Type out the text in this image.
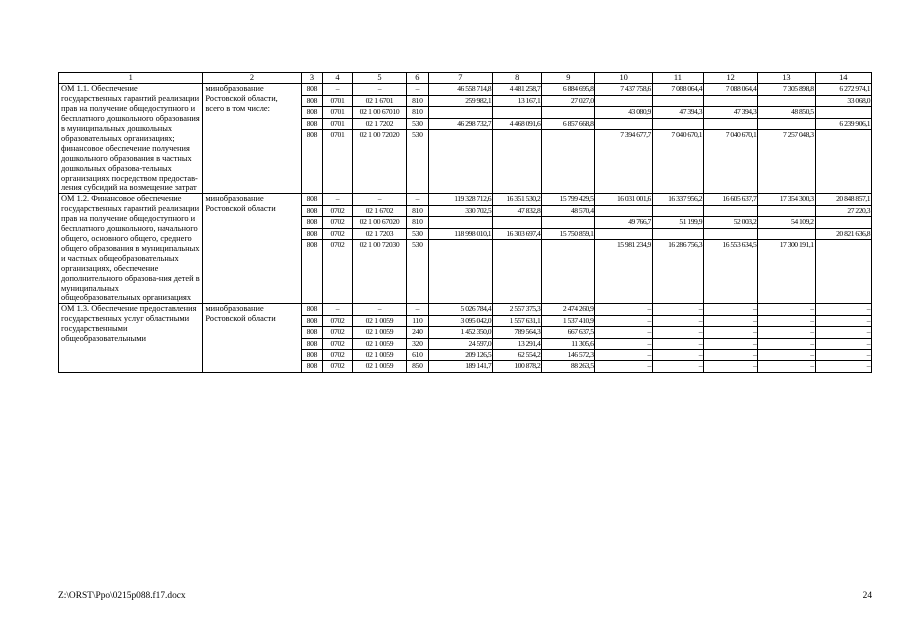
1	2	3	4	5	6	7	8	9	10	11	12	13	14
ОМ 1.1. Обеспечение государственных гарантий реализации прав на получение общедоступного и бесплатного дошкольного образования в муниципальных дошкольных образовательных организациях; финансовое обеспечение получения дошкольного образования в частных дошкольных образова-тельных организациях посредством предостав-ления субсидий на возмещение затрат	минобразование Ростовской области, всего в том числе:	808	–	–	–	46 558 714,8	4 481 258,7	6 884 695,8	7 437 758,6	7 088 064,4	7 088 064,4	7 305 898,8	6 272 974,1
		808	0701	02 1 6701	810	259 982,1	13 167,1	27 027,0					33 068,0
		808	0701	02 1 00 67010	810				43 080,9	47 394,3	47 394,3	48 850,5	
		808	0701	02 1 7202	530	46 298 732,7	4 468 091,6	6 857 668,8					6 239 906,1
		808	0701	02 1 00 72020	530				7 394 677,7	7 040 670,1	7 040 670,1	7 257 048,3	
ОМ 1.2. Финансовое обеспечение государственных гарантий реализации прав на получение общедоступного и бесплатного дошкольного, начального общего, основного общего, среднего общего образования в муниципальных и частных общеобразовательных организациях, обеспечение дополнительного образова-ния детей в муниципальных общеобразовательных организациях	минобразование Ростовской области	808	–	–	–	119 328 712,6	16 351 530,2	15 799 429,5	16 031 001,6	16 337 956,2	16 605 637,7	17 354 300,3	20 848 857,1
		808	0702	02 1 6702	810	330 702,5	47 832,8	48 570,4					27 220,3
		808	0702	02 1 00 67020	810				49 766,7	51 199,9	52 003,2	54 109,2	
		808	0702	02 1 7203	530	118 998 010,1	16 303 697,4	15 750 859,1					20 821 636,8
		808	0702	02 1 00 72030	530				15 981 234,9	16 286 756,3	16 553 634,5	17 300 191,1	
ОМ 1.3. Обеспечение предоставления государственных услуг областными государственными общеобразовательными	минобразование Ростовской области	808	–	–	–	5 026 784,4	2 557 375,3	2 474 260,9	–	–	–	–	–
		808	0702	02 1 0059	110	3 095 042,0	1 557 631,1	1 537 410,9	–	–	–	–	–
		808	0702	02 1 0059	240	1 452 350,0	789 564,3	667 637,5	–	–	–	–	–
		808	0702	02 1 0059	320	24 597,0	13 291,4	11 305,6	–	–	–	–	–
		808	0702	02 1 0059	610	209 126,5	62 554,2	146 572,3	–	–	–	–	–
		808	0702	02 1 0059	850	189 141,7	100 878,2	88 263,5	–	–	–	–	–
Z:\ORST\Ppo\0215p088.f17.docx	24
